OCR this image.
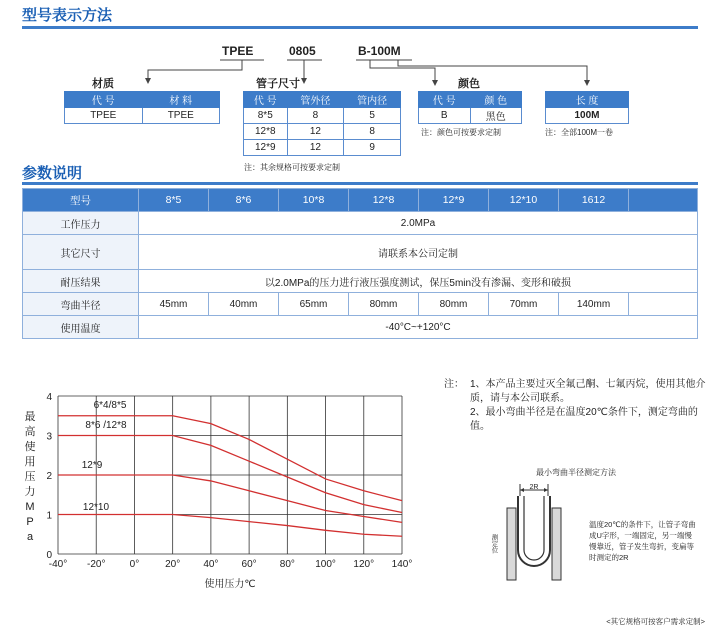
型号表示方法
TPEE	0805	B-100M
材质
代 号	材 料
TPEE	TPEE
管子尺寸
代 号	管外径	管内径
8*5	8	5
12*8	12	8
12*9	12	9
注：其余规格可按要求定制
颜色
代 号	颜 色
B	黑色
注：颜色可按要求定制
长 度
100M
注：全部100M一卷
参数说明
型号	8*5	8*6	10*8	12*8	12*9	12*10	1612	
工作压力	2.0MPa							
其它尺寸	请联系本公司定制							
耐压结果	以2.0MPa的压力进行液压强度测试，保压5min没有渗漏、变形和破损							
弯曲半径	45mm	40mm	65mm	80mm	80mm	70mm	140mm	
使用温度	-40°C~+120°C							
-40° -20° 0°	20° 40° 60° 80° 100° 120° 140°
0
1
2
3
4
使用压力℃
最高使用压力 M P a
6*4/8*5
8*6 /12*8
12*9
12*10
注： 1、本产品主要过灭全氟己酮、七氟丙烷，使用其他介质，请与本公司联系。
2、最小弯曲半径是在温度20℃条件下，测定弯曲的值。
最小弯曲半径测定方法
2R
测定位
温度20℃的条件下，让管子弯曲成U字形，一端固定，另一端慢慢靠近，管子发生弯折，变扁等时测定的2R
<其它规格可按客户需求定制>
